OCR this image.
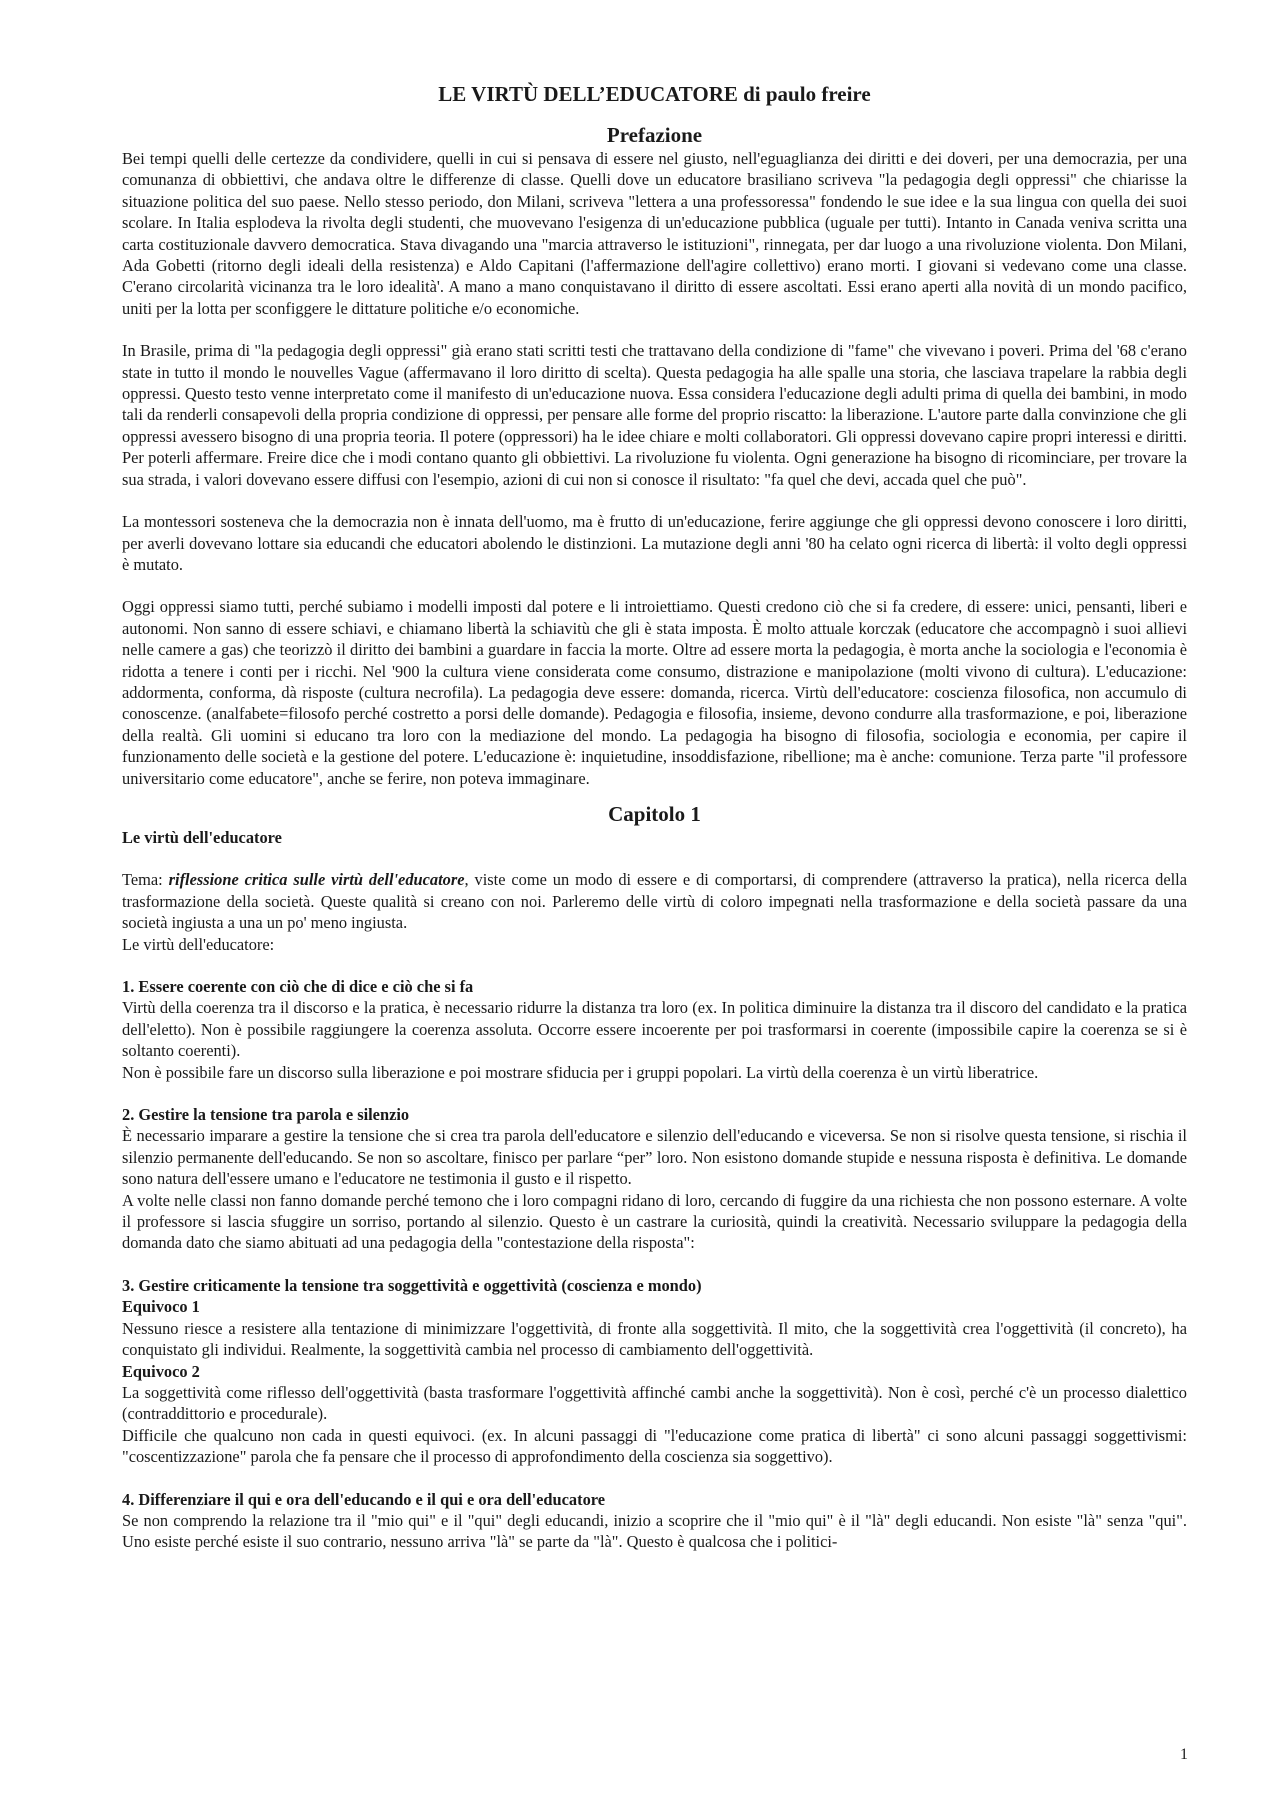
LE VIRTÙ DELL’EDUCATORE di paulo freire
Prefazione

Bei tempi quelli delle certezze da condividere, quelli in cui si pensava di essere nel giusto, nell'eguaglianza dei diritti e dei doveri, per una democrazia, per una comunanza di obbiettivi, che andava oltre le differenze di classe. Quelli dove un educatore brasiliano scriveva "la pedagogia degli oppressi" che chiarisse la situazione politica del suo paese. Nello stesso periodo, don Milani, scriveva "lettera a una professoressa" fondendo le sue idee e la sua lingua con quella dei suoi scolare. In Italia esplodeva la rivolta degli studenti, che muovevano l'esigenza di un'educazione pubblica (uguale per tutti). Intanto in Canada veniva scritta una carta costituzionale davvero democratica. Stava divagando una "marcia attraverso le istituzioni", rinnegata, per dar luogo a una rivoluzione violenta. Don Milani, Ada Gobetti (ritorno degli ideali della resistenza) e Aldo Capitani (l'affermazione dell'agire collettivo) erano morti. I giovani si vedevano come una classe. C'erano circolarità vicinanza tra le loro idealità'. A mano a mano conquistavano il diritto di essere ascoltati. Essi erano aperti alla novità di un mondo pacifico, uniti per la lotta per sconfiggere le dittature politiche e/o economiche.

In Brasile, prima di "la pedagogia degli oppressi" già erano stati scritti testi che trattavano della condizione di "fame" che vivevano i poveri. Prima del '68 c'erano state in tutto il mondo le nouvelles Vague (affermavano il loro diritto di scelta). Questa pedagogia ha alle spalle una storia, che lasciava trapelare la rabbia degli oppressi. Questo testo venne interpretato come il manifesto di un'educazione nuova. Essa considera l'educazione degli adulti prima di quella dei bambini, in modo tali da renderli consapevoli della propria condizione di oppressi, per pensare alle forme del proprio riscatto: la liberazione. L'autore parte dalla convinzione che gli oppressi avessero bisogno di una propria teoria. Il potere (oppressori) ha le idee chiare e molti collaboratori. Gli oppressi dovevano capire propri interessi e diritti. Per poterli affermare. Freire dice che i modi contano quanto gli obbiettivi. La rivoluzione fu violenta. Ogni generazione ha bisogno di ricominciare, per trovare la sua strada, i valori dovevano essere diffusi con l'esempio, azioni di cui non si conosce il risultato: "fa quel che devi, accada quel che può".

La montessori sosteneva che la democrazia non è innata dell'uomo, ma è frutto di un'educazione, ferire aggiunge che gli oppressi devono conoscere i loro diritti, per averli dovevano lottare sia educandi che educatori abolendo le distinzioni. La mutazione degli anni '80 ha celato ogni ricerca di libertà: il volto degli oppressi è mutato.

Oggi oppressi siamo tutti, perché subiamo i modelli imposti dal potere e li introiettiamo. Questi credono ciò che si fa credere, di essere: unici, pensanti, liberi e autonomi. Non sanno di essere schiavi, e chiamano libertà la schiavitù che gli è stata imposta. È molto attuale korczak (educatore che accompagnò i suoi allievi nelle camere a gas) che teorizzò il diritto dei bambini a guardare in faccia la morte. Oltre ad essere morta la pedagogia, è morta anche la sociologia e l'economia è ridotta a tenere i conti per i ricchi. Nel '900 la cultura viene considerata come consumo, distrazione e manipolazione (molti vivono di cultura). L'educazione: addormenta, conforma, dà risposte (cultura necrofila). La pedagogia deve essere: domanda, ricerca. Virtù dell'educatore: coscienza filosofica, non accumulo di conoscenze. (analfabete=filosofo perché costretto a porsi delle domande). Pedagogia e filosofia, insieme, devono condurre alla trasformazione, e poi, liberazione della realtà. Gli uomini si educano tra loro con la mediazione del mondo. La pedagogia ha bisogno di filosofia, sociologia e economia, per capire il funzionamento delle società e la gestione del potere. L'educazione è: inquietudine, insoddisfazione, ribellione; ma è anche: comunione. Terza parte "il professore universitario come educatore", anche se ferire, non poteva immaginare.

Capitolo 1

Le virtù dell'educatore

Tema: riflessione critica sulle virtù dell'educatore, viste come un modo di essere e di comportarsi, di comprendere (attraverso la pratica), nella ricerca della trasformazione della società. Queste qualità si creano con noi. Parleremo delle virtù di coloro impegnati nella trasformazione e della società passare da una società ingiusta a una un po' meno ingiusta.

Le virtù dell'educatore:

1. Essere coerente con ciò che di dice e ciò che si fa

Virtù della coerenza tra il discorso e la pratica, è necessario ridurre la distanza tra loro (ex. In politica diminuire la distanza tra il discoro del candidato e la pratica dell'eletto). Non è possibile raggiungere la coerenza assoluta. Occorre essere incoerente per poi trasformarsi in coerente (impossibile capire la coerenza se si è soltanto coerenti).

Non è possibile fare un discorso sulla liberazione e poi mostrare sfiducia per i gruppi popolari. La virtù della coerenza è un virtù liberatrice.

2. Gestire la tensione tra parola e silenzio

È necessario imparare a gestire la tensione che si crea tra parola dell'educatore e silenzio dell'educando e viceversa. Se non si risolve questa tensione, si rischia il silenzio permanente dell'educando. Se non so ascoltare, finisco per parlare “per” loro. Non esistono domande stupide e nessuna risposta è definitiva. Le domande sono natura dell'essere umano e l'educatore ne testimonia il gusto e il rispetto.

A volte nelle classi non fanno domande perché temono che i loro compagni ridano di loro, cercando di fuggire da una richiesta che non possono esternare. A volte il professore si lascia sfuggire un sorriso, portando al silenzio. Questo è un castrare la curiosità, quindi la creatività. Necessario sviluppare la pedagogia della domanda dato che siamo abituati ad una pedagogia della "contestazione della risposta":

3. Gestire criticamente la tensione tra soggettività e oggettività (coscienza e mondo)

Equivoco 1

Nessuno riesce a resistere alla tentazione di minimizzare l'oggettività, di fronte alla soggettività. Il mito, che la soggettività crea l'oggettività (il concreto), ha conquistato gli individui. Realmente, la soggettività cambia nel processo di cambiamento dell'oggettività.

Equivoco 2

La soggettività come riflesso dell'oggettività (basta trasformare l'oggettività affinché cambi anche la soggettività). Non è così, perché c'è un processo dialettico (contraddittorio e procedurale).

Difficile che qualcuno non cada in questi equivoci. (ex. In alcuni passaggi di "l'educazione come pratica di libertà" ci sono alcuni passaggi soggettivismi: "coscentizzazione" parola che fa pensare che il processo di approfondimento della coscienza sia soggettivo).

4. Differenziare il qui e ora dell'educando e il qui e ora dell'educatore

Se non comprendo la relazione tra il "mio qui" e il "qui" degli educandi, inizio a scoprire che il "mio qui" è il "là" degli educandi. Non esiste "là" senza "qui". Uno esiste perché esiste il suo contrario, nessuno arriva "là" se parte da "là". Questo è qualcosa che i politici-

1
